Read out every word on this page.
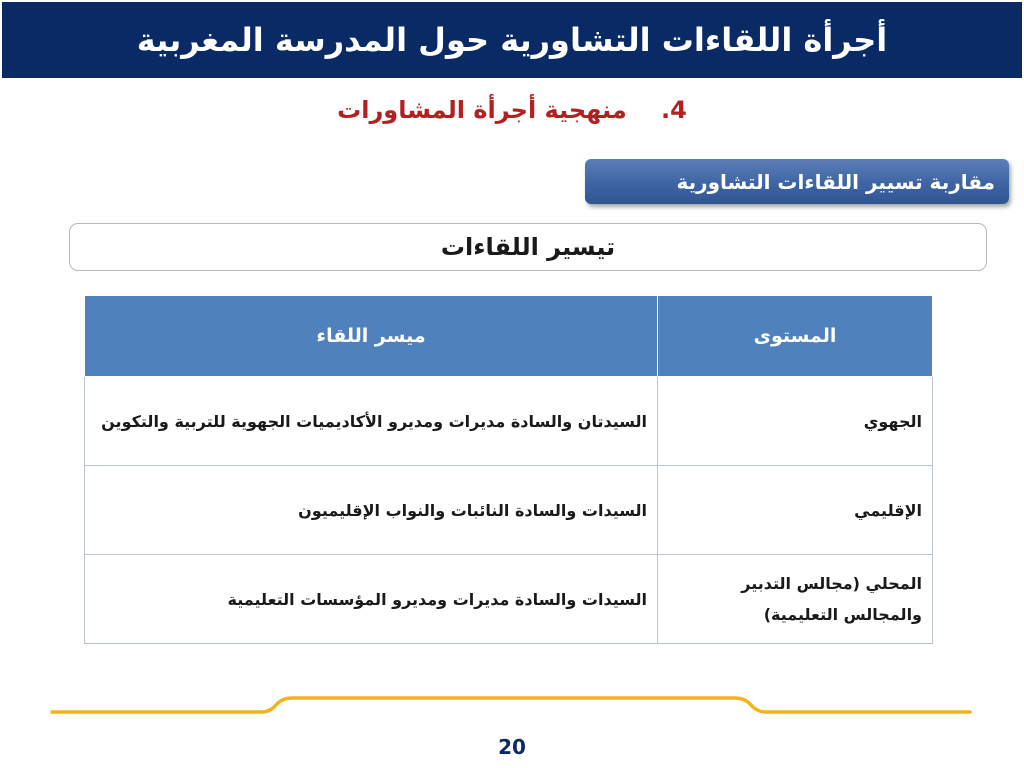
أجرأة اللقاءات التشاورية حول المدرسة المغربية
4. منهجية أجرأة المشاورات
مقاربة تسيير اللقاءات التشاورية
تيسير اللقاءات
المستوى	ميسر اللقاء
الجهوي	السيدتان والسادة مديرات ومديرو الأكاديميات الجهوية للتربية والتكوين
الإقليمي	السيدات والسادة النائبات والنواب الإقليميون
المحلي (مجالس التدبير والمجالس التعليمية)	السيدات والسادة مديرات ومديرو المؤسسات التعليمية
20
